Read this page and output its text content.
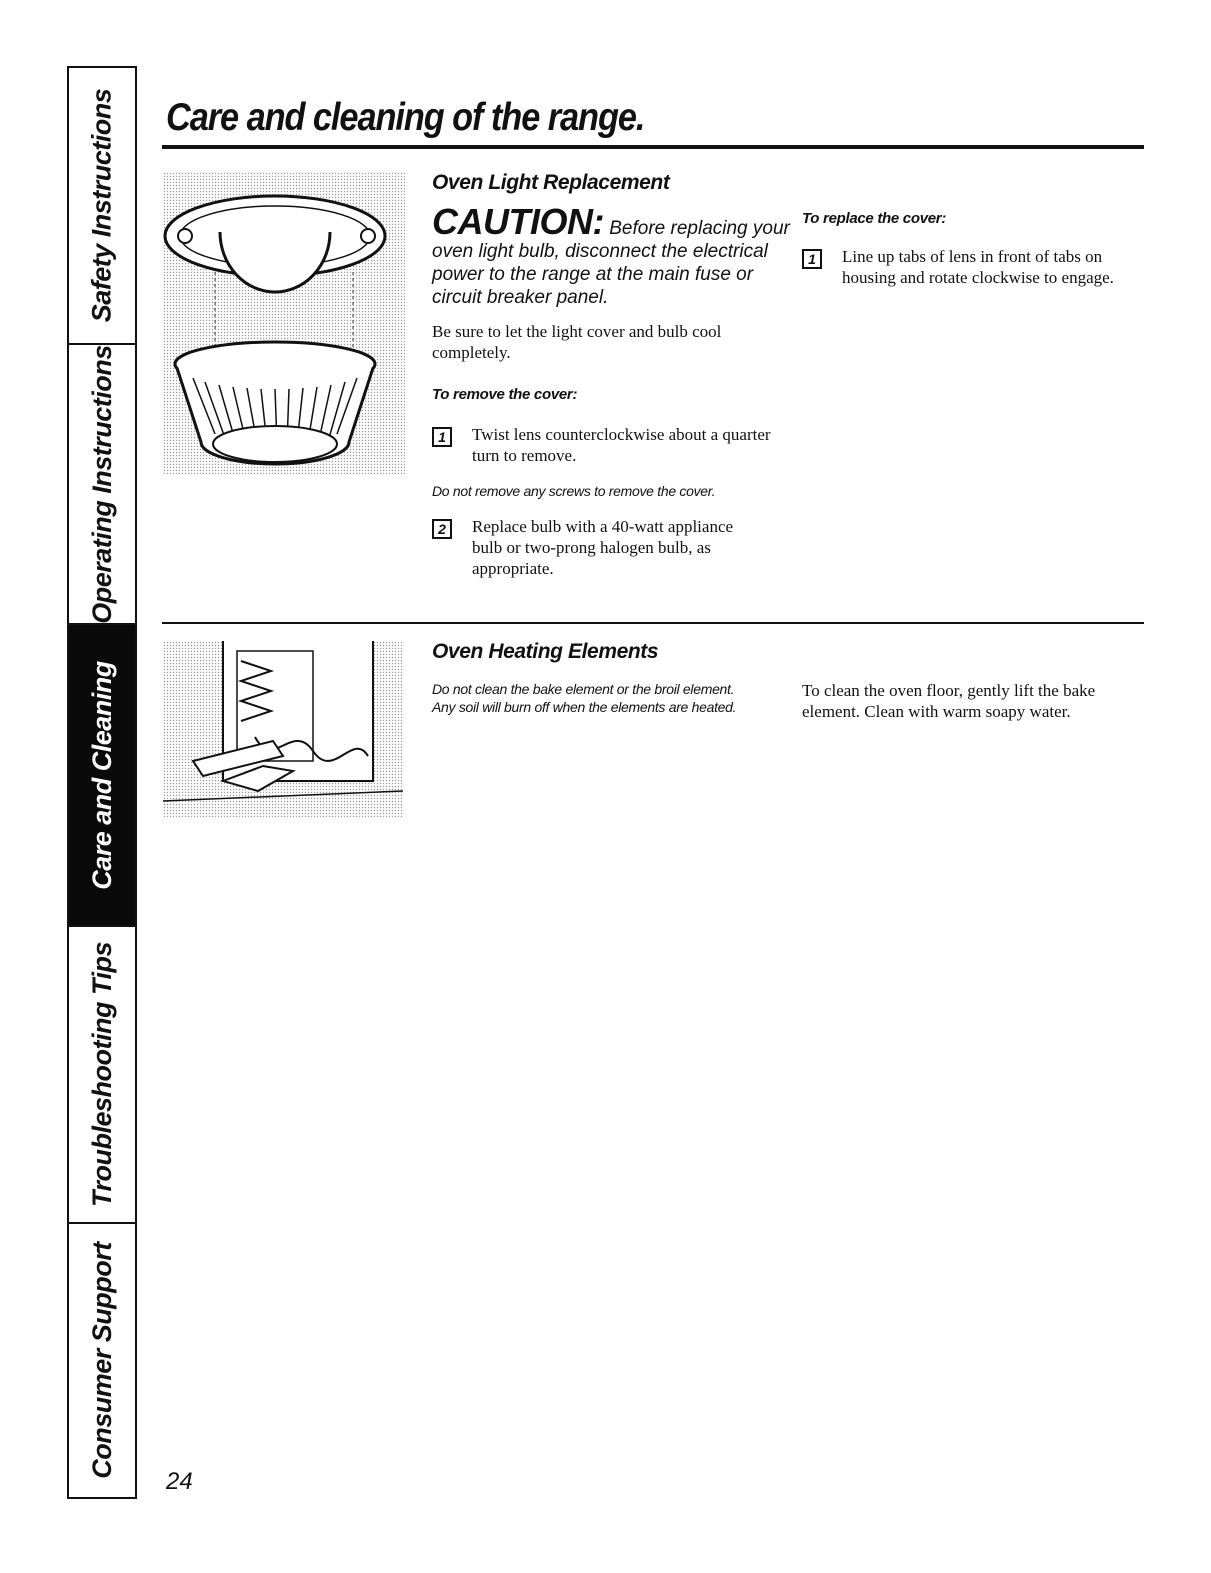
Safety Instructions
Operating Instructions
Care and Cleaning
Troubleshooting Tips
Consumer Support
Care and cleaning of the range.
Oven Light Replacement
CAUTION: Before replacing your oven light bulb, disconnect the electrical power to the range at the main fuse or circuit breaker panel.

Be sure to let the light cover and bulb cool completely.

To remove the cover:
1	Twist lens counterclockwise about a quarter turn to remove.
Do not remove any screws to remove the cover.
2	Replace bulb with a 40-watt appliance bulb or two-prong halogen bulb, as appropriate.
To replace the cover:
1	Line up tabs of lens in front of tabs on housing and rotate clockwise to engage.
Oven Heating Elements

Do not clean the bake element or the broil element. Any soil will burn off when the elements are heated.

To clean the oven floor, gently lift the bake element. Clean with warm soapy water.

24
